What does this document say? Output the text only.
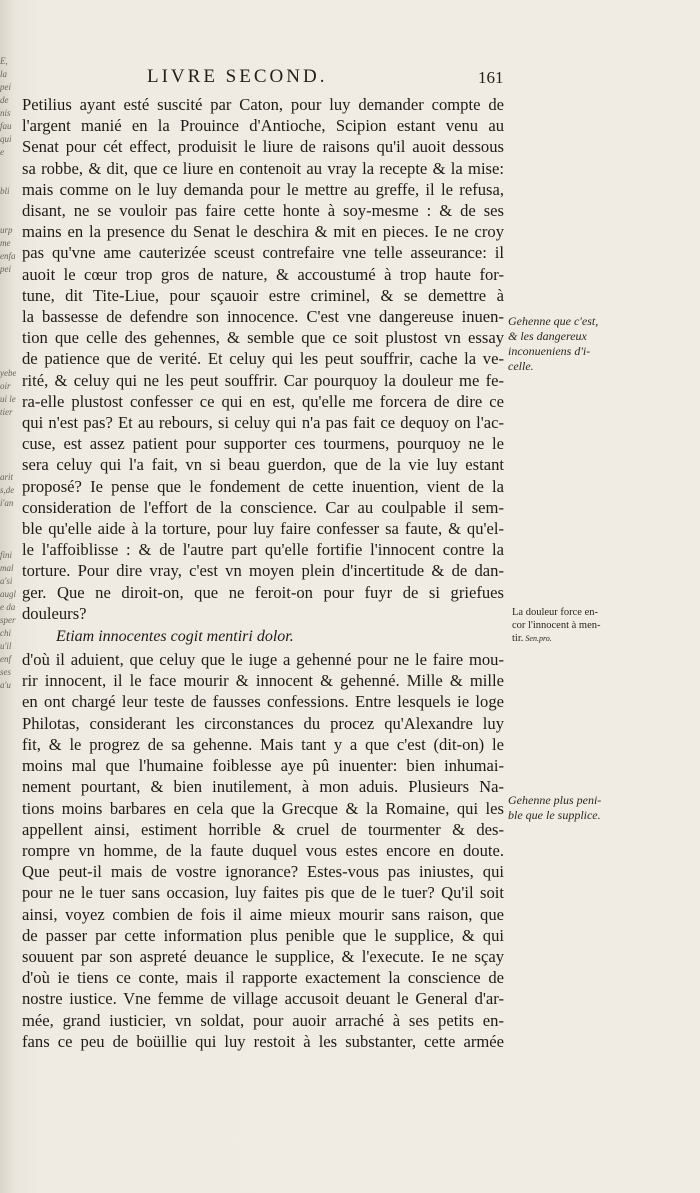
E,
la
pei
de
nis
fau
qui
e

bli

urp
me
enfa
pei

yebe
oir
ui le
tier

arit
s,de
i'an

fini
mal
a'si
augl
e da
sper
chi
u'il
enf
ses
a'u
LIVRE SECOND.	161

Petilius ayant esté suscité par Caton, pour luy demander compte de

l'argent manié en la Prouince d'Antioche, Scipion estant venu au

Senat pour cét effect, produisit le liure de raisons qu'il auoit dessous

sa robbe, & dit, que ce liure en contenoit au vray la recepte & la mise:

mais comme on le luy demanda pour le mettre au greffe, il le refusa,

disant, ne se vouloir pas faire cette honte à soy-mesme : & de ses

mains en la presence du Senat le deschira & mit en pieces. Ie ne croy

pas qu'vne ame cauterizée sceust contrefaire vne telle asseurance: il

auoit le cœur trop gros de nature, & accoustumé à trop haute for-

tune, dit Tite-Liue, pour sçauoir estre criminel, & se demettre à

la bassesse de defendre son innocence. C'est vne dangereuse inuen-

tion que celle des gehennes, & semble que ce soit plustost vn essay

de patience que de verité. Et celuy qui les peut souffrir, cache la ve-

rité, & celuy qui ne les peut souffrir. Car pourquoy la douleur me fe-

ra-elle plustost confesser ce qui en est, qu'elle me forcera de dire ce

qui n'est pas? Et au rebours, si celuy qui n'a pas fait ce dequoy on l'ac-

cuse, est assez patient pour supporter ces tourmens, pourquoy ne le

sera celuy qui l'a fait, vn si beau guerdon, que de la vie luy estant

proposé? Ie pense que le fondement de cette inuention, vient de la

consideration de l'effort de la conscience. Car au coulpable il sem-

ble qu'elle aide à la torture, pour luy faire confesser sa faute, & qu'el-

le l'affoiblisse : & de l'autre part qu'elle fortifie l'innocent contre la

torture. Pour dire vray, c'est vn moyen plein d'incertitude & de dan-

ger. Que ne diroit-on, que ne feroit-on pour fuyr de si griefues

douleurs?

Etiam innocentes cogit mentiri dolor.

d'où il aduient, que celuy que le iuge a gehenné pour ne le faire mou-

rir innocent, il le face mourir & innocent & gehenné. Mille & mille

en ont chargé leur teste de fausses confessions. Entre lesquels ie loge

Philotas, considerant les circonstances du procez qu'Alexandre luy

fit, & le progrez de sa gehenne. Mais tant y a que c'est (dit-on) le

moins mal que l'humaine foiblesse aye pû inuenter: bien inhumai-

nement pourtant, & bien inutilement, à mon aduis. Plusieurs Na-

tions moins barbares en cela que la Grecque & la Romaine, qui les

appellent ainsi, estiment horrible & cruel de tourmenter & des-

rompre vn homme, de la faute duquel vous estes encore en doute.

Que peut-il mais de vostre ignorance? Estes-vous pas iniustes, qui

pour ne le tuer sans occasion, luy faites pis que de le tuer? Qu'il soit

ainsi, voyez combien de fois il aime mieux mourir sans raison, que

de passer par cette information plus penible que le supplice, & qui

souuent par son aspreté deuance le supplice, & l'execute. Ie ne sçay

d'où ie tiens ce conte, mais il rapporte exactement la conscience de

nostre iustice. Vne femme de village accusoit deuant le General d'ar-

mée, grand iusticier, vn soldat, pour auoir arraché à ses petits en-

fans ce peu de boüillie qui luy restoit à les substanter, cette armée

Gehenne que c'est,
& les dangereux
inconueniens d'i-
celle.
La douleur force en-
cor l'innocent à men-
tir. Sen.pro.
Gehenne plus peni-
ble que le supplice.
